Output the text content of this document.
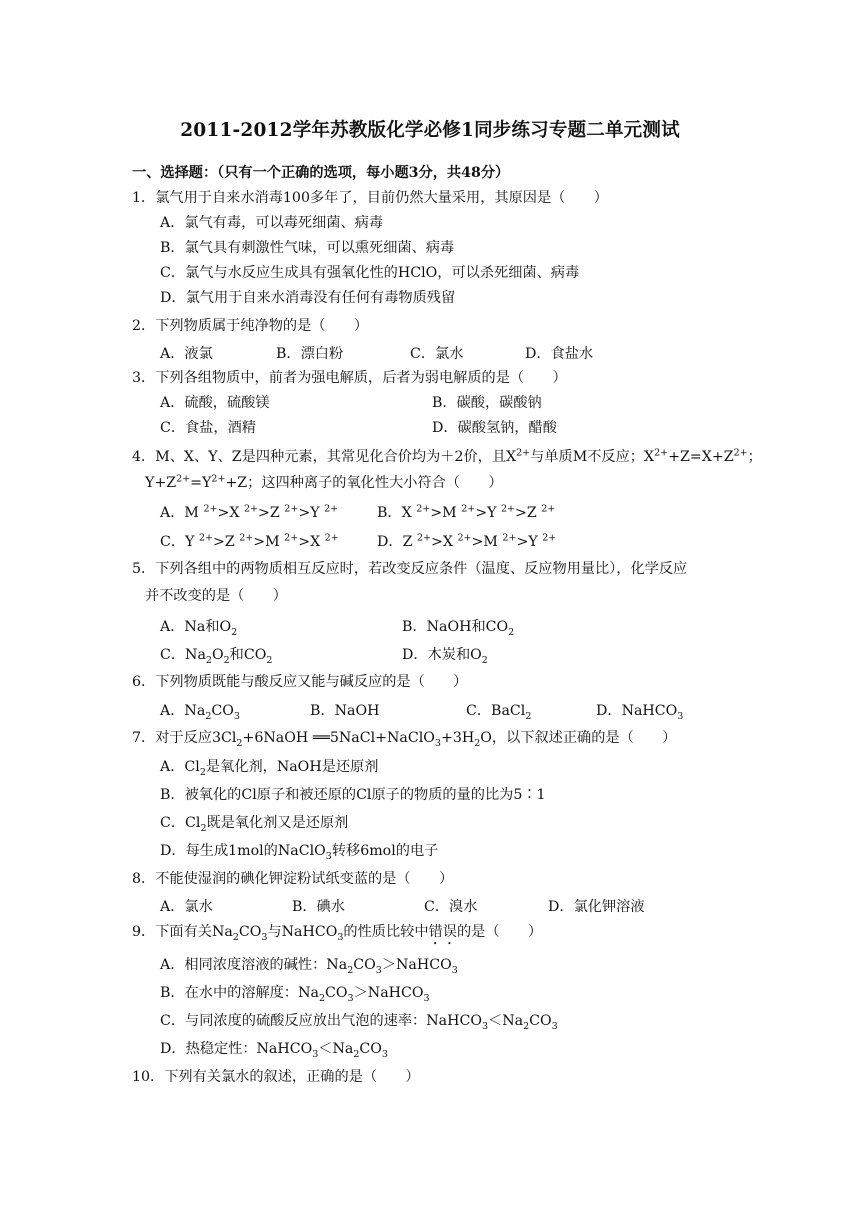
2011-2012学年苏教版化学必修1同步练习专题二单元测试
一、选择题：（只有一个正确的选项，每小题3分，共48分）
1．氯气用于自来水消毒100多年了，目前仍然大量采用，其原因是（　　）
A．氯气有毒，可以毒死细菌、病毒
B．氯气具有刺激性气味，可以熏死细菌、病毒
C．氯气与水反应生成具有强氧化性的HClO，可以杀死细菌、病毒
D．氯气用于自来水消毒没有任何有毒物质残留
2．下列物质属于纯净物的是（　　）
A．液氯	B．漂白粉	C．氯水	D．食盐水
3．下列各组物质中，前者为强电解质，后者为弱电解质的是（　　）
A．硫酸，硫酸镁	B．碳酸，碳酸钠
C．食盐，酒精	D．碳酸氢钠，醋酸
4．M、X、Y、Z是四种元素，其常见化合价均为＋2价，且$X^{2+}$与单质M不反应；$X^{2+}+Z=X+Z^{2+}$；
$Y+Z^{2+}=Y^{2+}+Z$；这四种离子的氧化性大小符合（　　）
A．M $^{2+}$>X $^{2+}$>Z $^{2+}$>Y $^{2+}$	B．X $^{2+}$>M $^{2+}$>Y $^{2+}$>Z $^{2+}$
C．Y $^{2+}$>Z $^{2+}$>M $^{2+}$>X $^{2+}$	D．Z $^{2+}$>X $^{2+}$>M $^{2+}$>Y $^{2+}$
5．下列各组中的两物质相互反应时，若改变反应条件（温度、反应物用量比），化学反应
并不改变的是（　　）
A．Na和$O_2$	B．NaOH和$CO_2$
C．$Na_2O_2$和$CO_2$	D．木炭和$O_2$
6．下列物质既能与酸反应又能与碱反应的是（　　）
A．$Na_2CO_3$	B．NaOH	C．BaCl$_2$	D．NaHCO$_3$
7．对于反应$3Cl_2+6NaOH$ $══5NaCl+NaClO_3+3H_2O$，以下叙述正确的是（　　）
A．$Cl_2$是氧化剂，NaOH是还原剂
B．被氧化的Cl原子和被还原的Cl原子的物质的量的比为5∶1
C．$Cl_2$既是氧化剂又是还原剂
D．每生成1mol的NaClO$_3$转移6mol的电子
8．不能使湿润的碘化钾淀粉试纸变蓝的是（　　）
A．氯水	B．碘水	C．溴水	D．氯化钾溶液
9．下面有关$Na_2CO_3$与NaHCO$_3$的性质比较中错误的是（　　）
A．相同浓度溶液的碱性：$Na_2CO_3>NaHCO_3$
B．在水中的溶解度：$Na_2CO_3>NaHCO_3$
C．与同浓度的硫酸反应放出气泡的速率：$NaHCO_3<Na_2CO_3$
D．热稳定性：$NaHCO_3<Na_2CO_3$
10．下列有关氯水的叙述，正确的是（　　）
